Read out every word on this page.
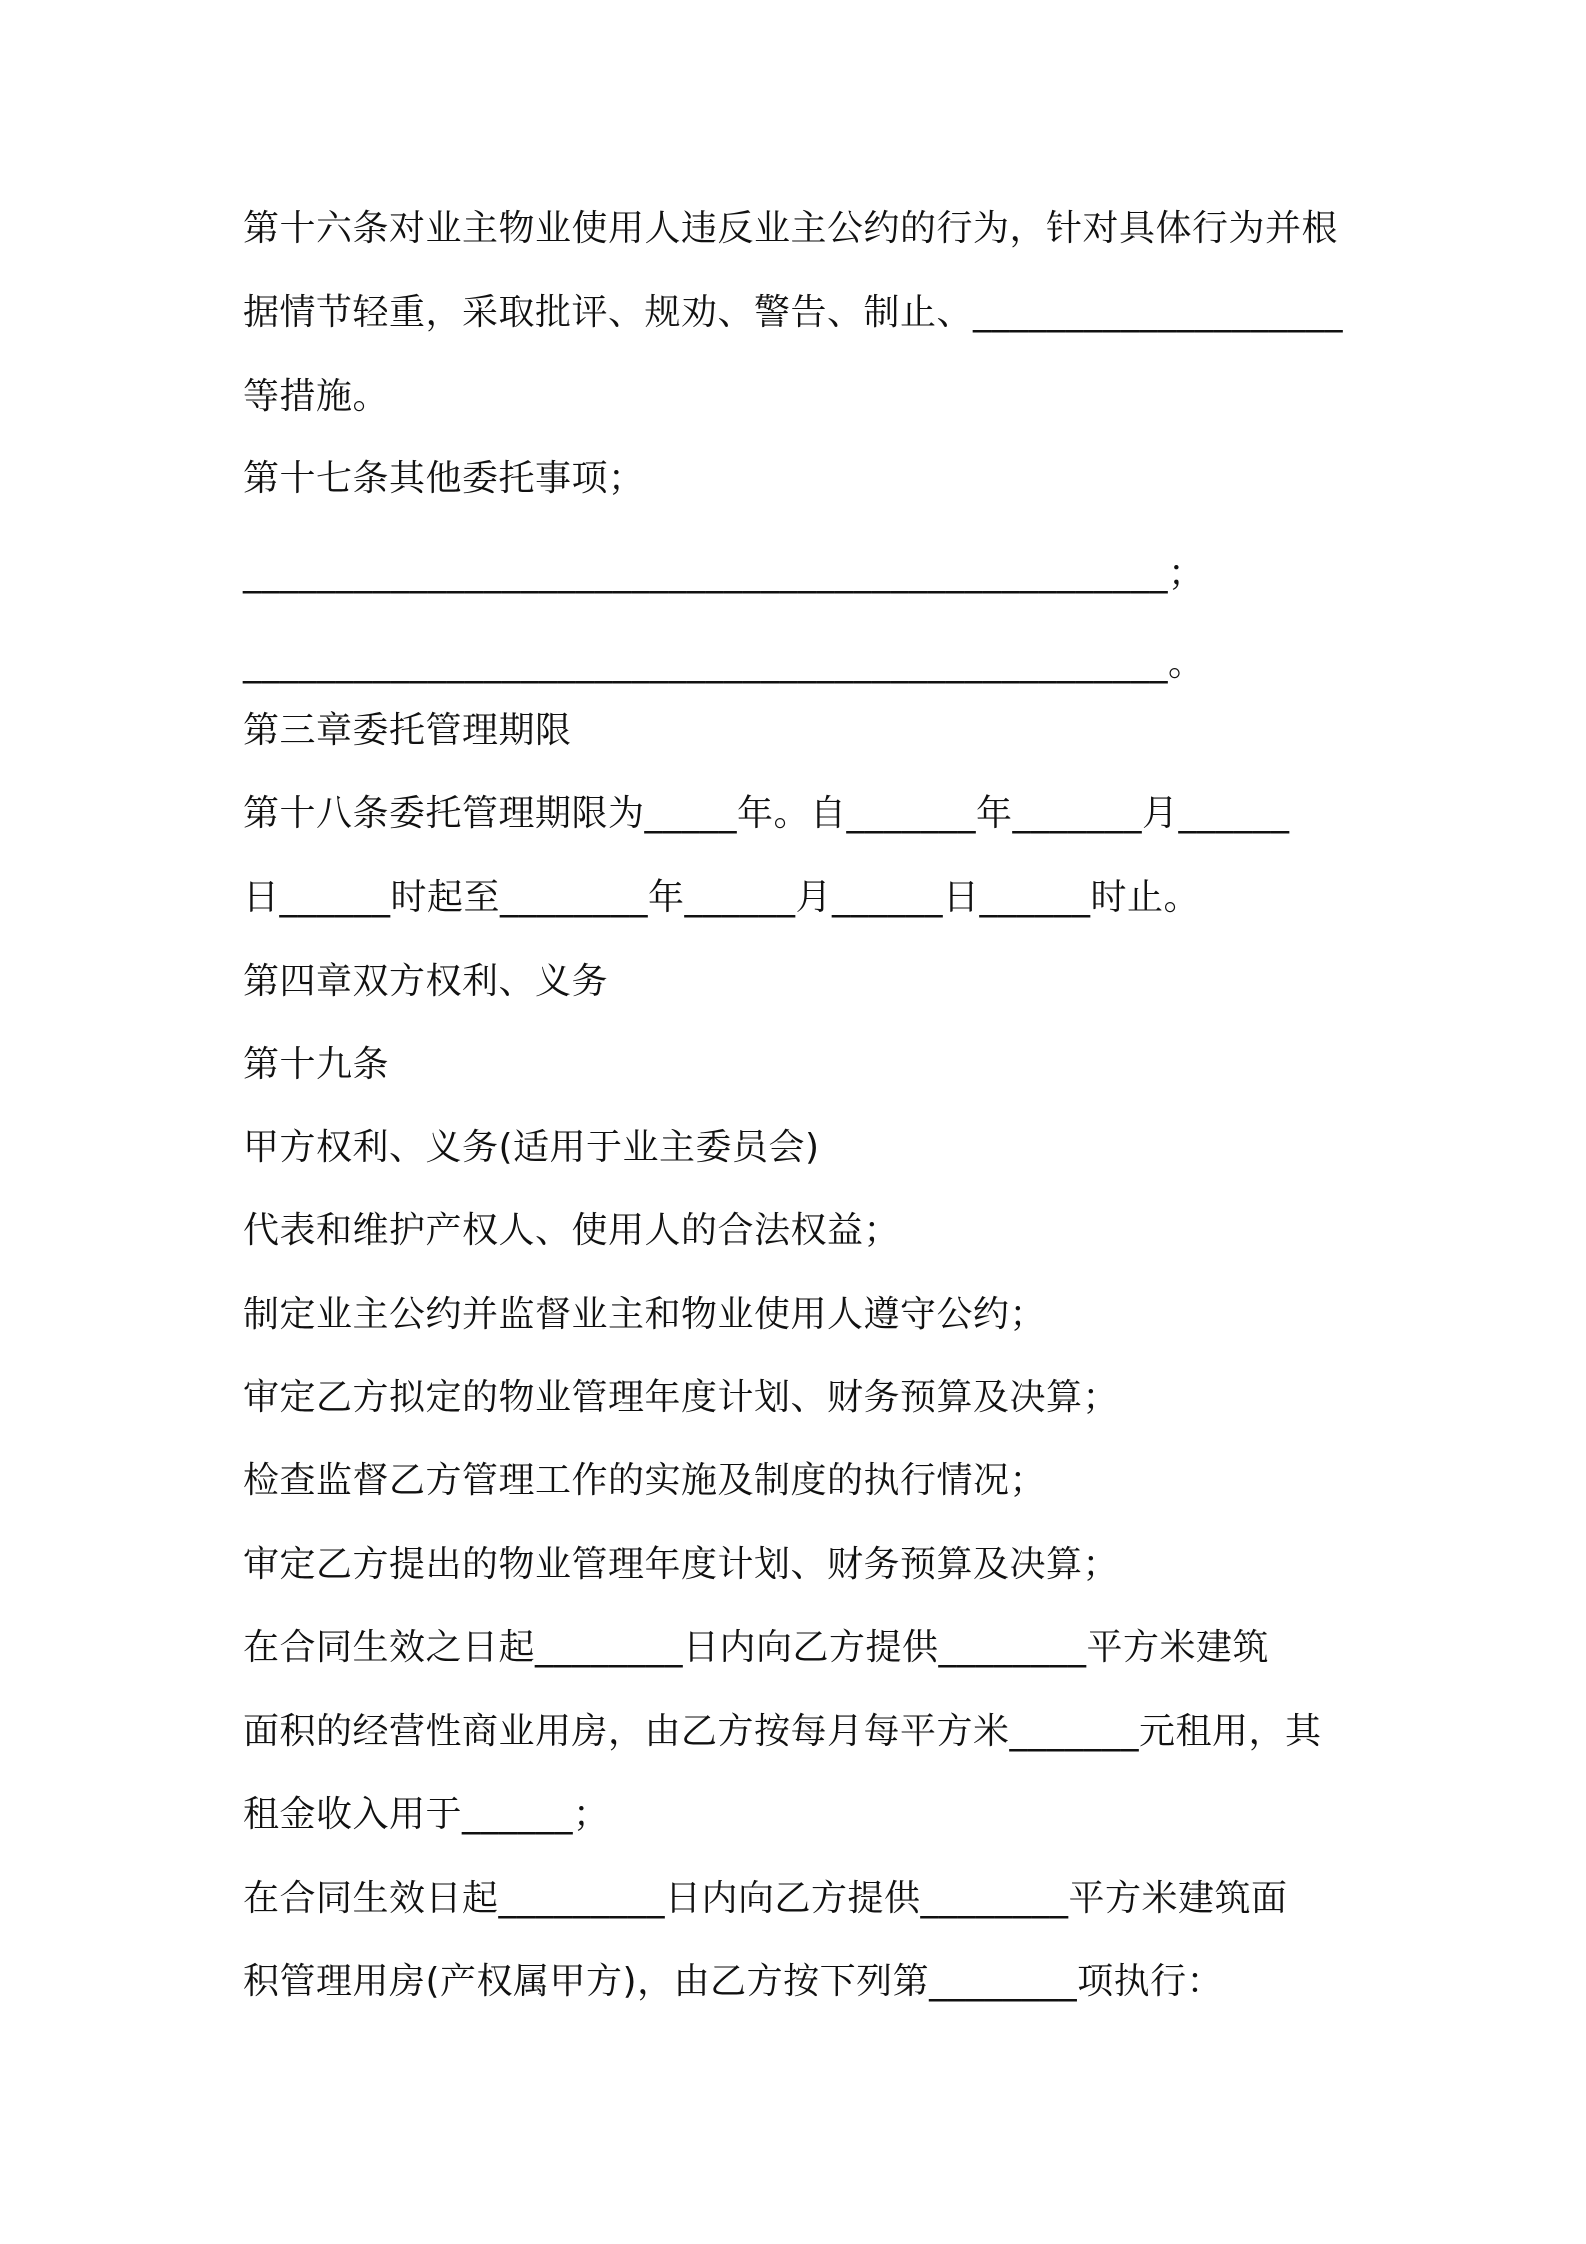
第十六条对业主物业使用人违反业主公约的行为，针对具体行为并根
据情节轻重，采取批评、规劝、警告、制止、____________________
等措施。
第十七条其他委托事项；
__________________________________________________；
__________________________________________________。
第三章委托管理期限
第十八条委托管理期限为_____年。自_______年_______月______
日______时起至________年______月______日______时止。
第四章双方权利、义务
第十九条
甲方权利、义务(适用于业主委员会)
代表和维护产权人、使用人的合法权益；
制定业主公约并监督业主和物业使用人遵守公约；
审定乙方拟定的物业管理年度计划、财务预算及决算；
检查监督乙方管理工作的实施及制度的执行情况；
审定乙方提出的物业管理年度计划、财务预算及决算；
在合同生效之日起________日内向乙方提供________平方米建筑
面积的经营性商业用房，由乙方按每月每平方米_______元租用，其
租金收入用于______；
在合同生效日起_________日内向乙方提供________平方米建筑面
积管理用房(产权属甲方)，由乙方按下列第________项执行：
